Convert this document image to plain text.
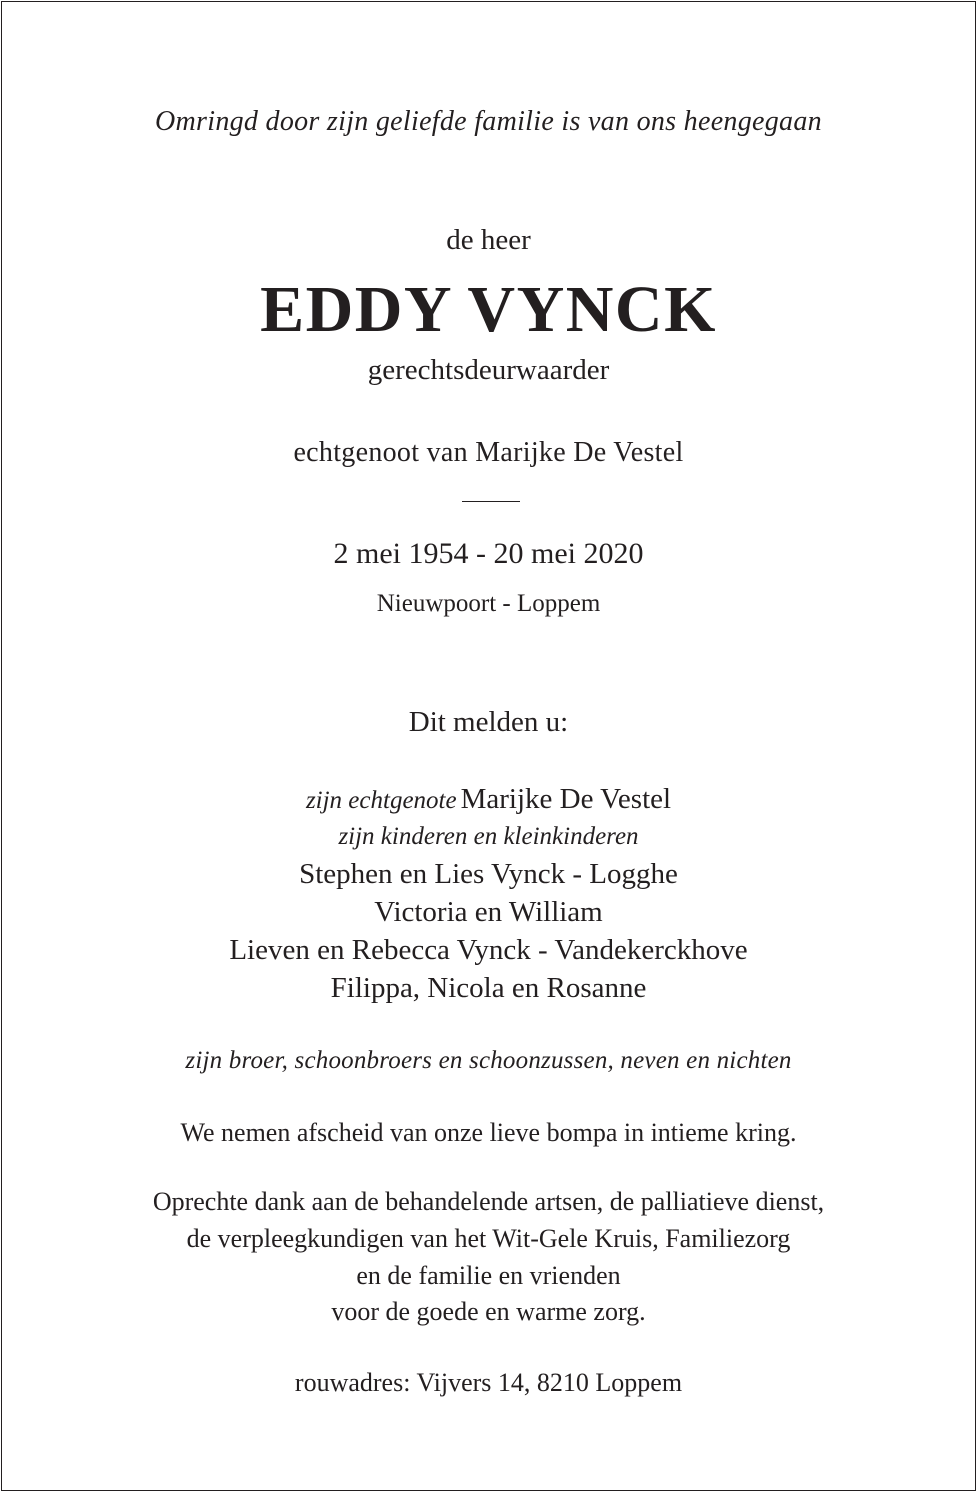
Omringd door zijn geliefde familie is van ons heengegaan
de heer
EDDY VYNCK
gerechtsdeurwaarder
echtgenoot van Marijke De Vestel
2 mei 1954 - 20 mei 2020
Nieuwpoort - Loppem
Dit melden u:
zijn echtgenote Marijke De Vestel
zijn kinderen en kleinkinderen
Stephen en Lies Vynck - Logghe
Victoria en William
Lieven en Rebecca Vynck - Vandekerckhove
Filippa, Nicola en Rosanne
zijn broer, schoonbroers en schoonzussen, neven en nichten
We nemen afscheid van onze lieve bompa in intieme kring.
Oprechte dank aan de behandelende artsen, de palliatieve dienst,
de verpleegkundigen van het Wit-Gele Kruis, Familiezorg
en de familie en vrienden
voor de goede en warme zorg.
rouwadres: Vijvers 14, 8210 Loppem
